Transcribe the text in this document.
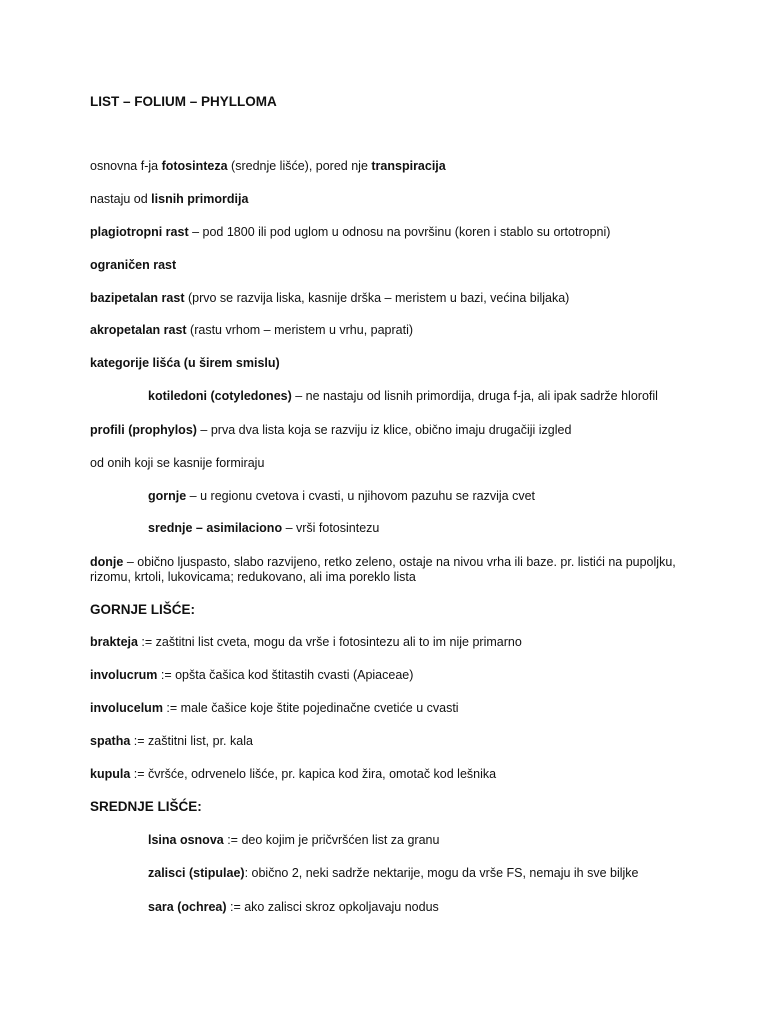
LIST – FOLIUM – PHYLLOMA
osnovna f-ja fotosinteza (srednje lišće), pored nje transpiracija
nastaju od lisnih primordija
plagiotropni rast – pod 1800 ili pod uglom u odnosu na površinu (koren i stablo su ortotropni)
ograničen rast
bazipetalan rast (prvo se razvija liska, kasnije drška – meristem u bazi, većina biljaka)
akropetalan rast (rastu vrhom – meristem u vrhu, paprati)
kategorije lišća (u širem smislu)
kotiledoni (cotyledones) – ne nastaju od lisnih primordija, druga f-ja, ali ipak sadrže hlorofil
profili (prophylos) – prva dva lista koja se razviju iz klice, obično imaju drugačiji izgled
od onih koji se kasnije formiraju
gornje – u regionu cvetova i cvasti, u njihovom pazuhu se razvija cvet
srednje – asimilaciono – vrši fotosintezu
donje – obično ljuspasto, slabo razvijeno, retko zeleno, ostaje na nivou vrha ili baze. pr. listići na pupoljku, rizomu, krtoli, lukovicama; redukovano, ali ima poreklo lista
GORNJE LIŠĆE:
brakteja := zaštitni list cveta, mogu da vrše i fotosintezu ali to im nije primarno
involucrum := opšta čašica kod štitastih cvasti (Apiaceae)
involucelum := male čašice koje štite pojedinačne cvetiće u cvasti
spatha := zaštitni list, pr. kala
kupula := čvršće, odrvenelo lišće, pr. kapica kod žira, omotač kod lešnika
SREDNJE LIŠĆE:
lsina osnova := deo kojim je pričvršćen list za granu
zalisci (stipulae): obično 2, neki sadrže nektarije, mogu da vrše FS, nemaju ih sve biljke
sara (ochrea) := ako zalisci skroz opkoljavaju nodus
